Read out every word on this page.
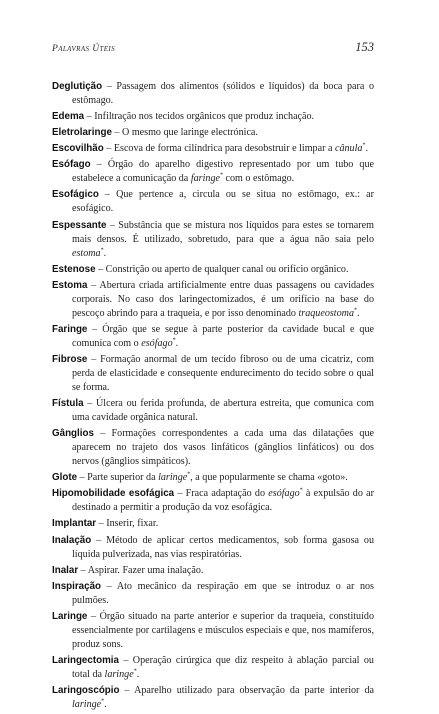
Palavras Úteis	153

Deglutição – Passagem dos alimentos (sólidos e líquidos) da boca para o estômago.

Edema – Infiltração nos tecidos orgânicos que produz inchação.

Eletrolaringe – O mesmo que laringe electrónica.

Escovilhão – Escova de forma cilíndrica para desobstruir e limpar a cânula*.

Esófago – Órgão do aparelho digestivo representado por um tubo que estabelece a comunicação da faringe* com o estômago.

Esofágico – Que pertence a, circula ou se situa no estômago, ex.: ar esofágico.

Espessante – Substância que se mistura nos líquidos para estes se tornarem mais densos. É utilizado, sobretudo, para que a água não saia pelo estoma*.

Estenose – Constrição ou aperto de qualquer canal ou orifício orgânico.

Estoma – Abertura criada artificialmente entre duas passagens ou cavidades corporais. No caso dos laringectomizados, é um orifício na base do pescoço abrindo para a traqueia, e por isso denominado traqueostoma*.

Faringe – Órgão que se segue à parte posterior da cavidade bucal e que comunica com o esófago*.

Fibrose – Formação anormal de um tecido fibroso ou de uma cicatriz, com perda de elasticidade e consequente endurecimento do tecido sobre o qual se forma.

Fístula – Úlcera ou ferida profunda, de abertura estreita, que comunica com uma cavidade orgânica natural.

Gânglios – Formações correspondentes a cada uma das dilatações que aparecem no trajeto dos vasos linfáticos (gânglios linfáticos) ou dos nervos (gânglios simpáticos).

Glote – Parte superior da laringe*, a que popularmente se chama «goto».

Hipomobilidade esofágica – Fraca adaptação do esófago* à expulsão do ar destinado a permitir a produção da voz esofágica.

Implantar – Inserir, fixar.

Inalação – Método de aplicar certos medicamentos, sob forma gasosa ou líquida pulverizada, nas vias respiratórias.

Inalar – Aspirar. Fazer uma inalação.

Inspiração – Ato mecânico da respiração em que se introduz o ar nos pulmões.

Laringe – Órgão situado na parte anterior e superior da traqueia, constituído essencialmente por cartilagens e músculos especiais e que, nos mamíferos, produz sons.

Laringectomia – Operação cirúrgica que diz respeito à ablação parcial ou total da laringe*.

Laringoscópio – Aparelho utilizado para observação da parte interior da laringe*.
